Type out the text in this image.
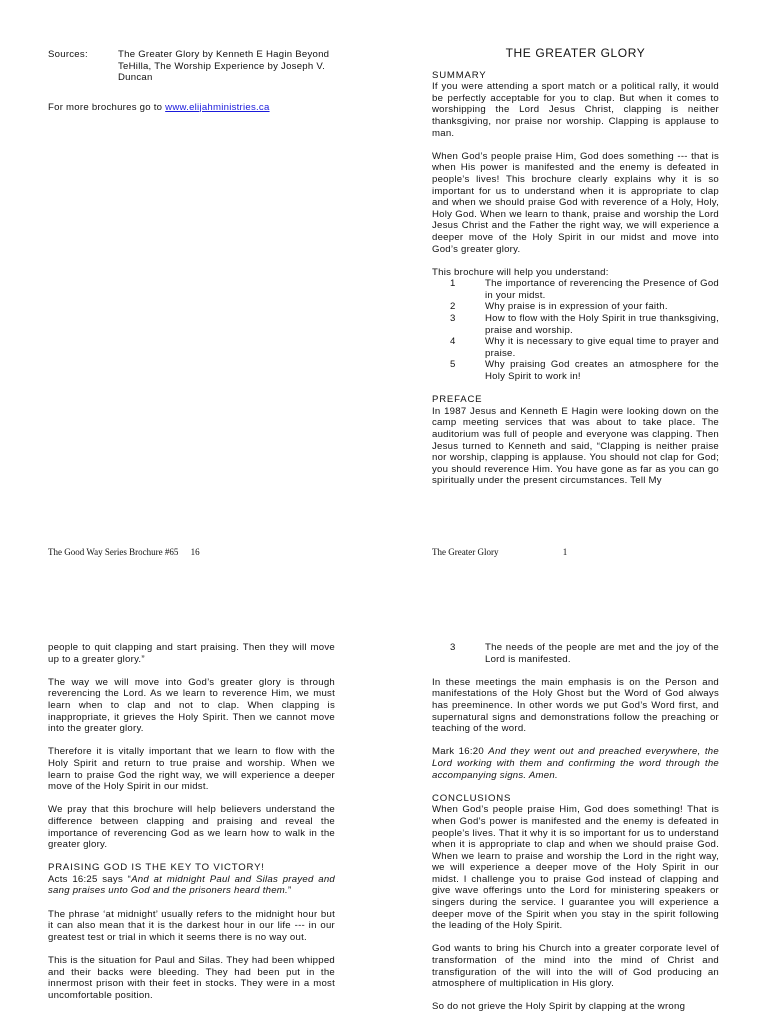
Sources:	The Greater Glory by Kenneth E Hagin Beyond TeHilla, The Worship Experience by Joseph V. Duncan

For more brochures go to www.elijahministries.ca

The Good Way Series Brochure #65 16
THE GREATER GLORY

SUMMARY

If you were attending a sport match or a political rally, it would be perfectly acceptable for you to clap. But when it comes to worshipping the Lord Jesus Christ, clapping is neither thanksgiving, nor praise nor worship. Clapping is applause to man.

When God’s people praise Him, God does something --- that is when His power is manifested and the enemy is defeated in people’s lives! This brochure clearly explains why it is so important for us to understand when it is appropriate to clap and when we should praise God with reverence of a Holy, Holy, Holy God. When we learn to thank, praise and worship the Lord Jesus Christ and the Father the right way, we will experience a deeper move of the Holy Spirit in our midst and move into God’s greater glory.

This brochure will help you understand:

1	The importance of reverencing the Presence of God in your midst.
2	Why praise is in expression of your faith.
3	How to flow with the Holy Spirit in true thanksgiving, praise and worship.
4	Why it is necessary to give equal time to prayer and praise.
5	Why praising God creates an atmosphere for the Holy Spirit to work in!

PREFACE

In 1987 Jesus and Kenneth E Hagin were looking down on the camp meeting services that was about to take place. The auditorium was full of people and everyone was clapping. Then Jesus turned to Kenneth and said, “Clapping is neither praise nor worship, clapping is applause. You should not clap for God; you should reverence Him. You have gone as far as you can go spiritually under the present circumstances. Tell My

The Greater Glory	1

people to quit clapping and start praising. Then they will move up to a greater glory.”

The way we will move into God’s greater glory is through reverencing the Lord. As we learn to reverence Him, we must learn when to clap and not to clap. When clapping is inappropriate, it grieves the Holy Spirit. Then we cannot move into the greater glory.

Therefore it is vitally important that we learn to flow with the Holy Spirit and return to true praise and worship. When we learn to praise God the right way, we will experience a deeper move of the Holy Spirit in our midst.

We pray that this brochure will help believers understand the difference between clapping and praising and reveal the importance of reverencing God as we learn how to walk in the greater glory.

PRAISING GOD IS THE KEY TO VICTORY!

Acts 16:25 says “And at midnight Paul and Silas prayed and sang praises unto God and the prisoners heard them.”

The phrase ‘at midnight’ usually refers to the midnight hour but it can also mean that it is the darkest hour in our life --- in our greatest test or trial in which it seems there is no way out.

This is the situation for Paul and Silas. They had been whipped and their backs were bleeding. They had been put in the innermost prison with their feet in stocks. They were in a most uncomfortable position.

3	The needs of the people are met and the joy of the Lord is manifested.

In these meetings the main emphasis is on the Person and manifestations of the Holy Ghost but the Word of God always has preeminence. In other words we put God’s Word first, and supernatural signs and demonstrations follow the preaching or teaching of the word.

Mark 16:20 And they went out and preached everywhere, the Lord working with them and confirming the word through the accompanying signs. Amen.

CONCLUSIONS

When God’s people praise Him, God does something! That is when God’s power is manifested and the enemy is defeated in people’s lives. That it why it is so important for us to understand when it is appropriate to clap and when we should praise God. When we learn to praise and worship the Lord in the right way, we will experience a deeper move of the Holy Spirit in our midst. I challenge you to praise God instead of clapping and give wave offerings unto the Lord for ministering speakers or singers during the service. I guarantee you will experience a deeper move of the Spirit when you stay in the spirit following the leading of the Holy Spirit.

God wants to bring his Church into a greater corporate level of transformation of the mind into the mind of Christ and transfiguration of the will into the will of God producing an atmosphere of multiplication in His glory.

So do not grieve the Holy Spirit by clapping at the wrong
